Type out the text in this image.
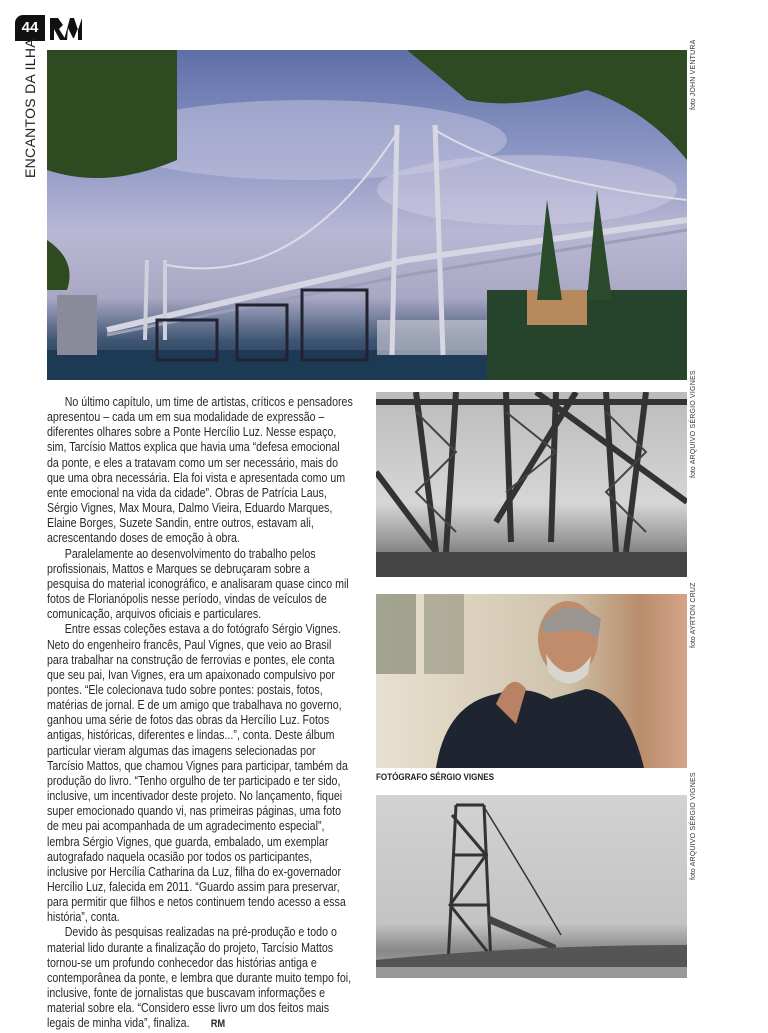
44
ENCANTOS DA ILHA	foto JOHN VENTURA
foto ARQUIVO SÉRGIO VIGNES
foto AYRTON CRUZ
FOTÓGRAFO SÉRGIO VIGNES
foto ARQUIVO SÉRGIO VIGNES

No último capítulo, um time de artistas, críticos e pensadores apresentou – cada um em sua modalidade de expressão – diferentes olhares sobre a Ponte Hercílio Luz. Nesse espaço, sim, Tarcísio Mattos explica que havia uma “defesa emocional da ponte, e eles a tratavam como um ser necessário, mais do que uma obra necessária. Ela foi vista e apresentada como um ente emocional na vida da cidade”. Obras de Patrícia Laus, Sérgio Vignes, Max Moura, Dalmo Vieira, Eduardo Marques, Elaine Borges, Suzete Sandin, entre outros, estavam ali, acrescentando doses de emoção à obra.

Paralelamente ao desenvolvimento do trabalho pelos profissionais, Mattos e Marques se debruçaram sobre a pesquisa do material iconográfico, e analisaram quase cinco mil fotos de Florianópolis nesse período, vindas de veículos de comunicação, arquivos oficiais e particulares.

Entre essas coleções estava a do fotógrafo Sérgio Vignes. Neto do engenheiro francês, Paul Vignes, que veio ao Brasil para trabalhar na construção de ferrovias e pontes, ele conta que seu pai, Ivan Vignes, era um apaixonado compulsivo por pontes. “Ele colecionava tudo sobre pontes: postais, fotos, matérias de jornal. E de um amigo que trabalhava no governo, ganhou uma série de fotos das obras da Hercílio Luz. Fotos antigas, históricas, diferentes e lindas...”, conta. Deste álbum particular vieram algumas das imagens selecionadas por Tarcísio Mattos, que chamou Vignes para participar, também da produção do livro. “Tenho orgulho de ter participado e ter sido, inclusive, um incentivador deste projeto. No lançamento, fiquei super emocionado quando vi, nas primeiras páginas, uma foto de meu pai acompanhada de um agradecimento especial”, lembra Sérgio Vignes, que guarda, embalado, um exemplar autografado naquela ocasião por todos os participantes, inclusive por Hercília Catharina da Luz, filha do ex-governador Hercílio Luz, falecida em 2011. “Guardo assim para preservar, para permitir que filhos e netos continuem tendo acesso a essa história”, conta.

Devido às pesquisas realizadas na pré-produção e todo o material lido durante a finalização do projeto, Tarcísio Mattos tornou-se um profundo conhecedor das histórias antiga e contemporânea da ponte, e lembra que durante muito tempo foi, inclusive, fonte de jornalistas que buscavam informações e material sobre ela. “Considero esse livro um dos feitos mais legais de minha vida”, finaliza. RM
